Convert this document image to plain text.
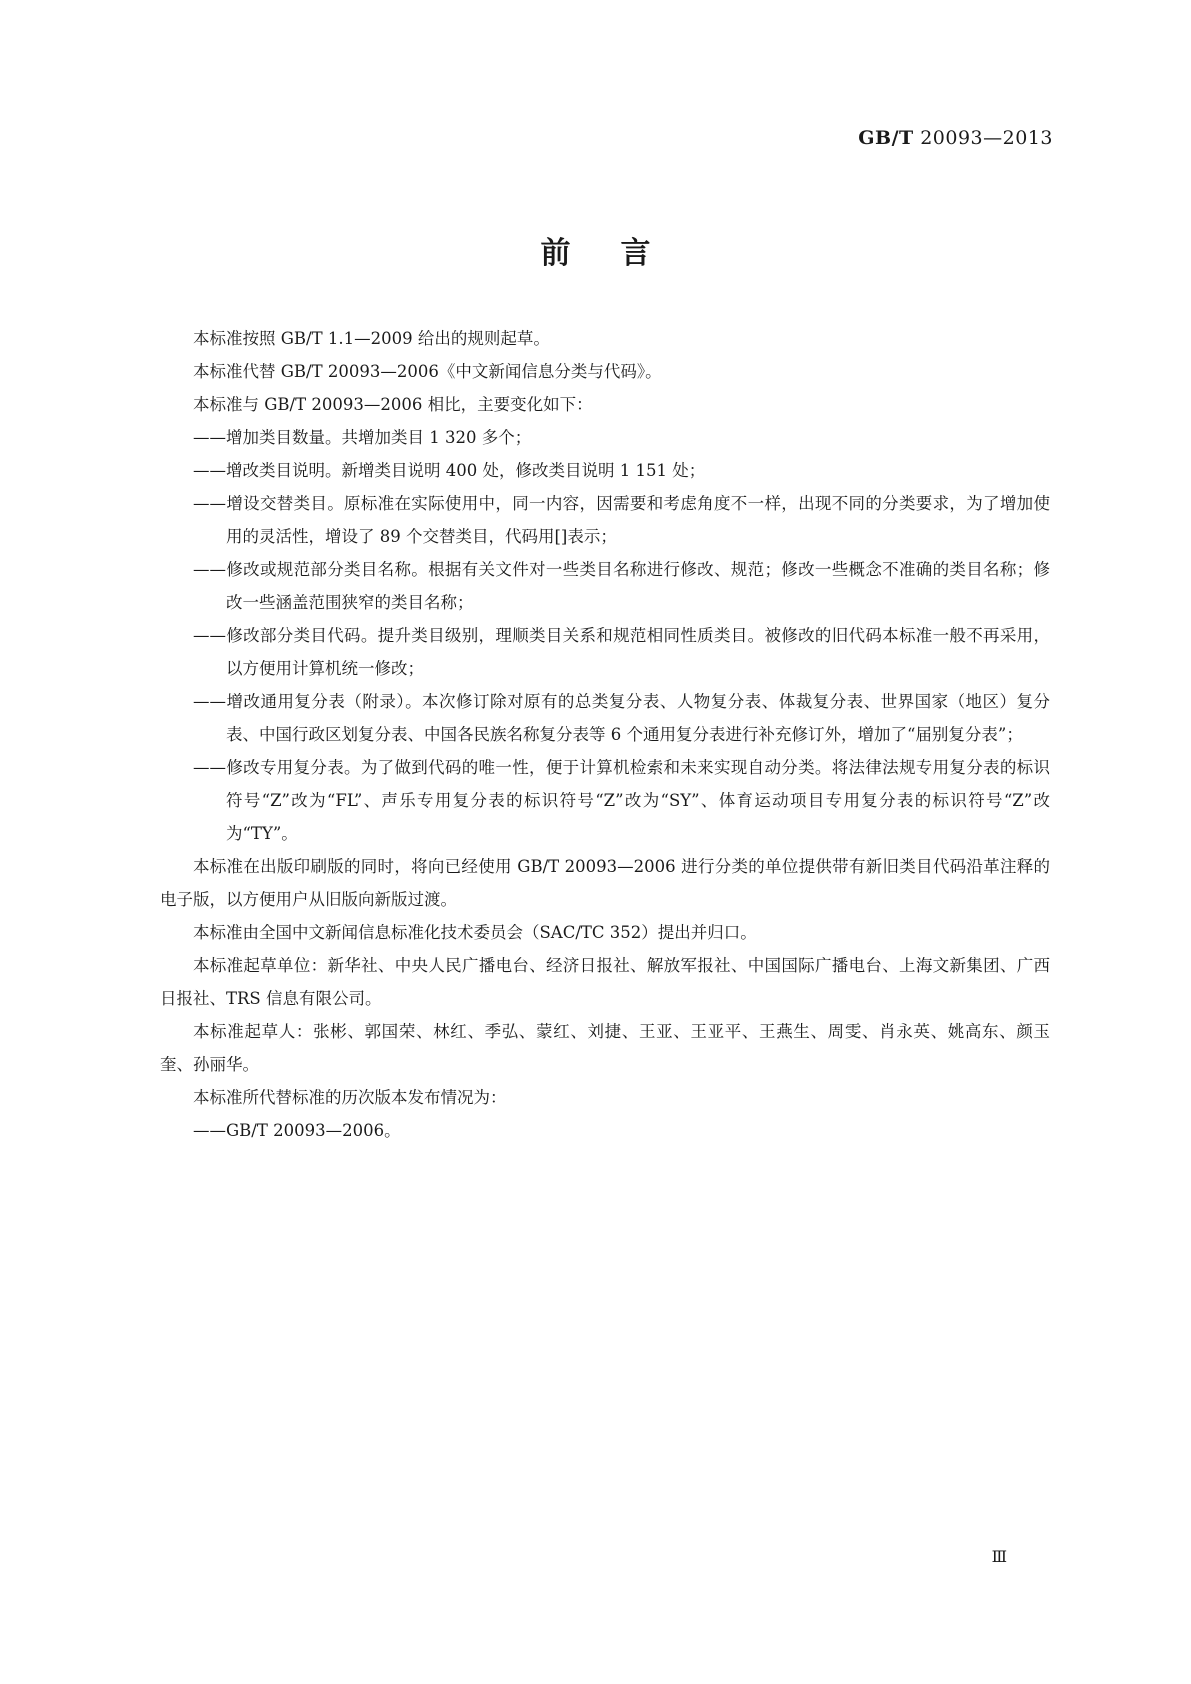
GB/T 20093—2013
前言

本标准按照 GB/T 1.1—2009 给出的规则起草。

本标准代替 GB/T 20093—2006《中文新闻信息分类与代码》。

本标准与 GB/T 20093—2006 相比，主要变化如下：

——增加类目数量。共增加类目 1 320 多个；

——增改类目说明。新增类目说明 400 处，修改类目说明 1 151 处；

——增设交替类目。原标准在实际使用中，同一内容，因需要和考虑角度不一样，出现不同的分类要求，为了增加使用的灵活性，增设了 89 个交替类目，代码用[]表示；

——修改或规范部分类目名称。根据有关文件对一些类目名称进行修改、规范；修改一些概念不准确的类目名称；修改一些涵盖范围狭窄的类目名称；

——修改部分类目代码。提升类目级别，理顺类目关系和规范相同性质类目。被修改的旧代码本标准一般不再采用，以方便用计算机统一修改；

——增改通用复分表（附录）。本次修订除对原有的总类复分表、人物复分表、体裁复分表、世界国家（地区）复分表、中国行政区划复分表、中国各民族名称复分表等 6 个通用复分表进行补充修订外，增加了“届别复分表”；

——修改专用复分表。为了做到代码的唯一性，便于计算机检索和未来实现自动分类。将法律法规专用复分表的标识符号“Z”改为“FL”、声乐专用复分表的标识符号“Z”改为“SY”、体育运动项目专用复分表的标识符号“Z”改为“TY”。

本标准在出版印刷版的同时，将向已经使用 GB/T 20093—2006 进行分类的单位提供带有新旧类目代码沿革注释的电子版，以方便用户从旧版向新版过渡。

本标准由全国中文新闻信息标准化技术委员会（SAC/TC 352）提出并归口。

本标准起草单位：新华社、中央人民广播电台、经济日报社、解放军报社、中国国际广播电台、上海文新集团、广西日报社、TRS 信息有限公司。

本标准起草人：张彬、郭国荣、林红、季弘、蒙红、刘捷、王亚、王亚平、王燕生、周雯、肖永英、姚高东、颜玉奎、孙丽华。

本标准所代替标准的历次版本发布情况为：

——GB/T 20093—2006。

Ⅲ
